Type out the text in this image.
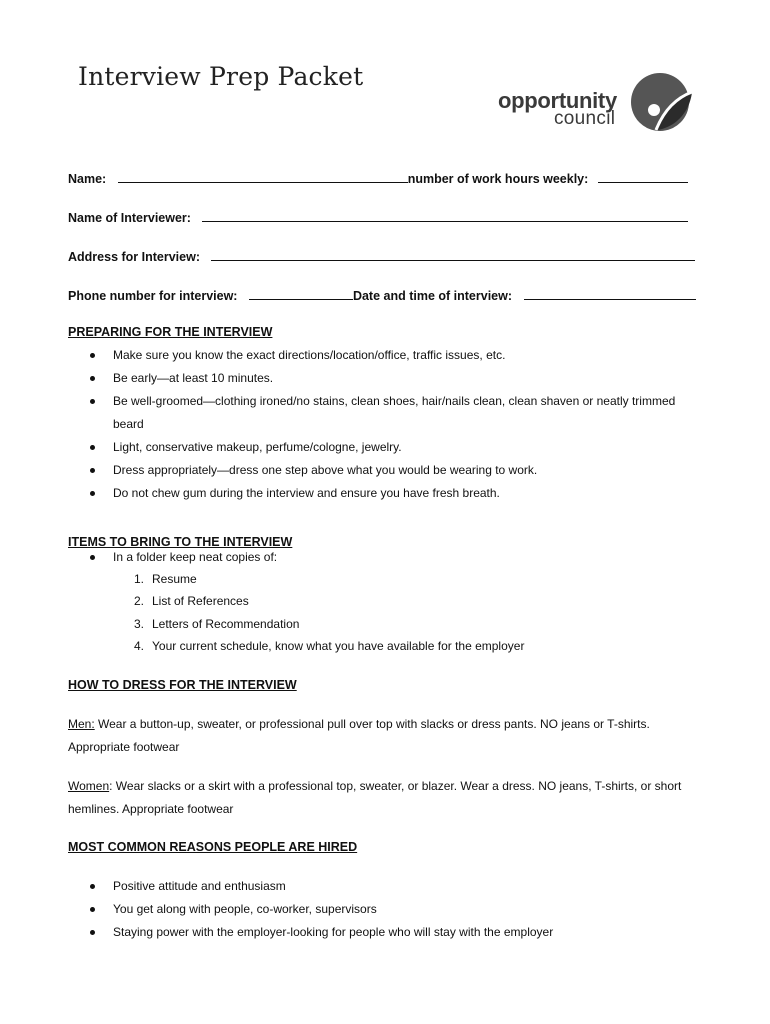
Interview Prep Packet
opportunity
council
Name:	number of work hours weekly:
Name of Interviewer:
Address for Interview:
Phone number for interview:	Date and time of interview:
PREPARING FOR THE INTERVIEW
Make sure you know the exact directions/location/office, traffic issues, etc.
Be early—at least 10 minutes.
Be well-groomed—clothing ironed/no stains, clean shoes, hair/nails clean, clean shaven or neatly trimmed beard
Light, conservative makeup, perfume/cologne, jewelry.
Dress appropriately—dress one step above what you would be wearing to work.
Do not chew gum during the interview and ensure you have fresh breath.
ITEMS TO BRING TO THE INTERVIEW
In a folder keep neat copies of:
1. Resume
2. List of References
3. Letters of Recommendation
4. Your current schedule, know what you have available for the employer
HOW TO DRESS FOR THE INTERVIEW
Men: Wear a button-up, sweater, or professional pull over top with slacks or dress pants. NO jeans or T-shirts. Appropriate footwear
Women: Wear slacks or a skirt with a professional top, sweater, or blazer. Wear a dress. NO jeans, T-shirts, or short hemlines. Appropriate footwear
MOST COMMON REASONS PEOPLE ARE HIRED
Positive attitude and enthusiasm
You get along with people, co-worker, supervisors
Staying power with the employer-looking for people who will stay with the employer
